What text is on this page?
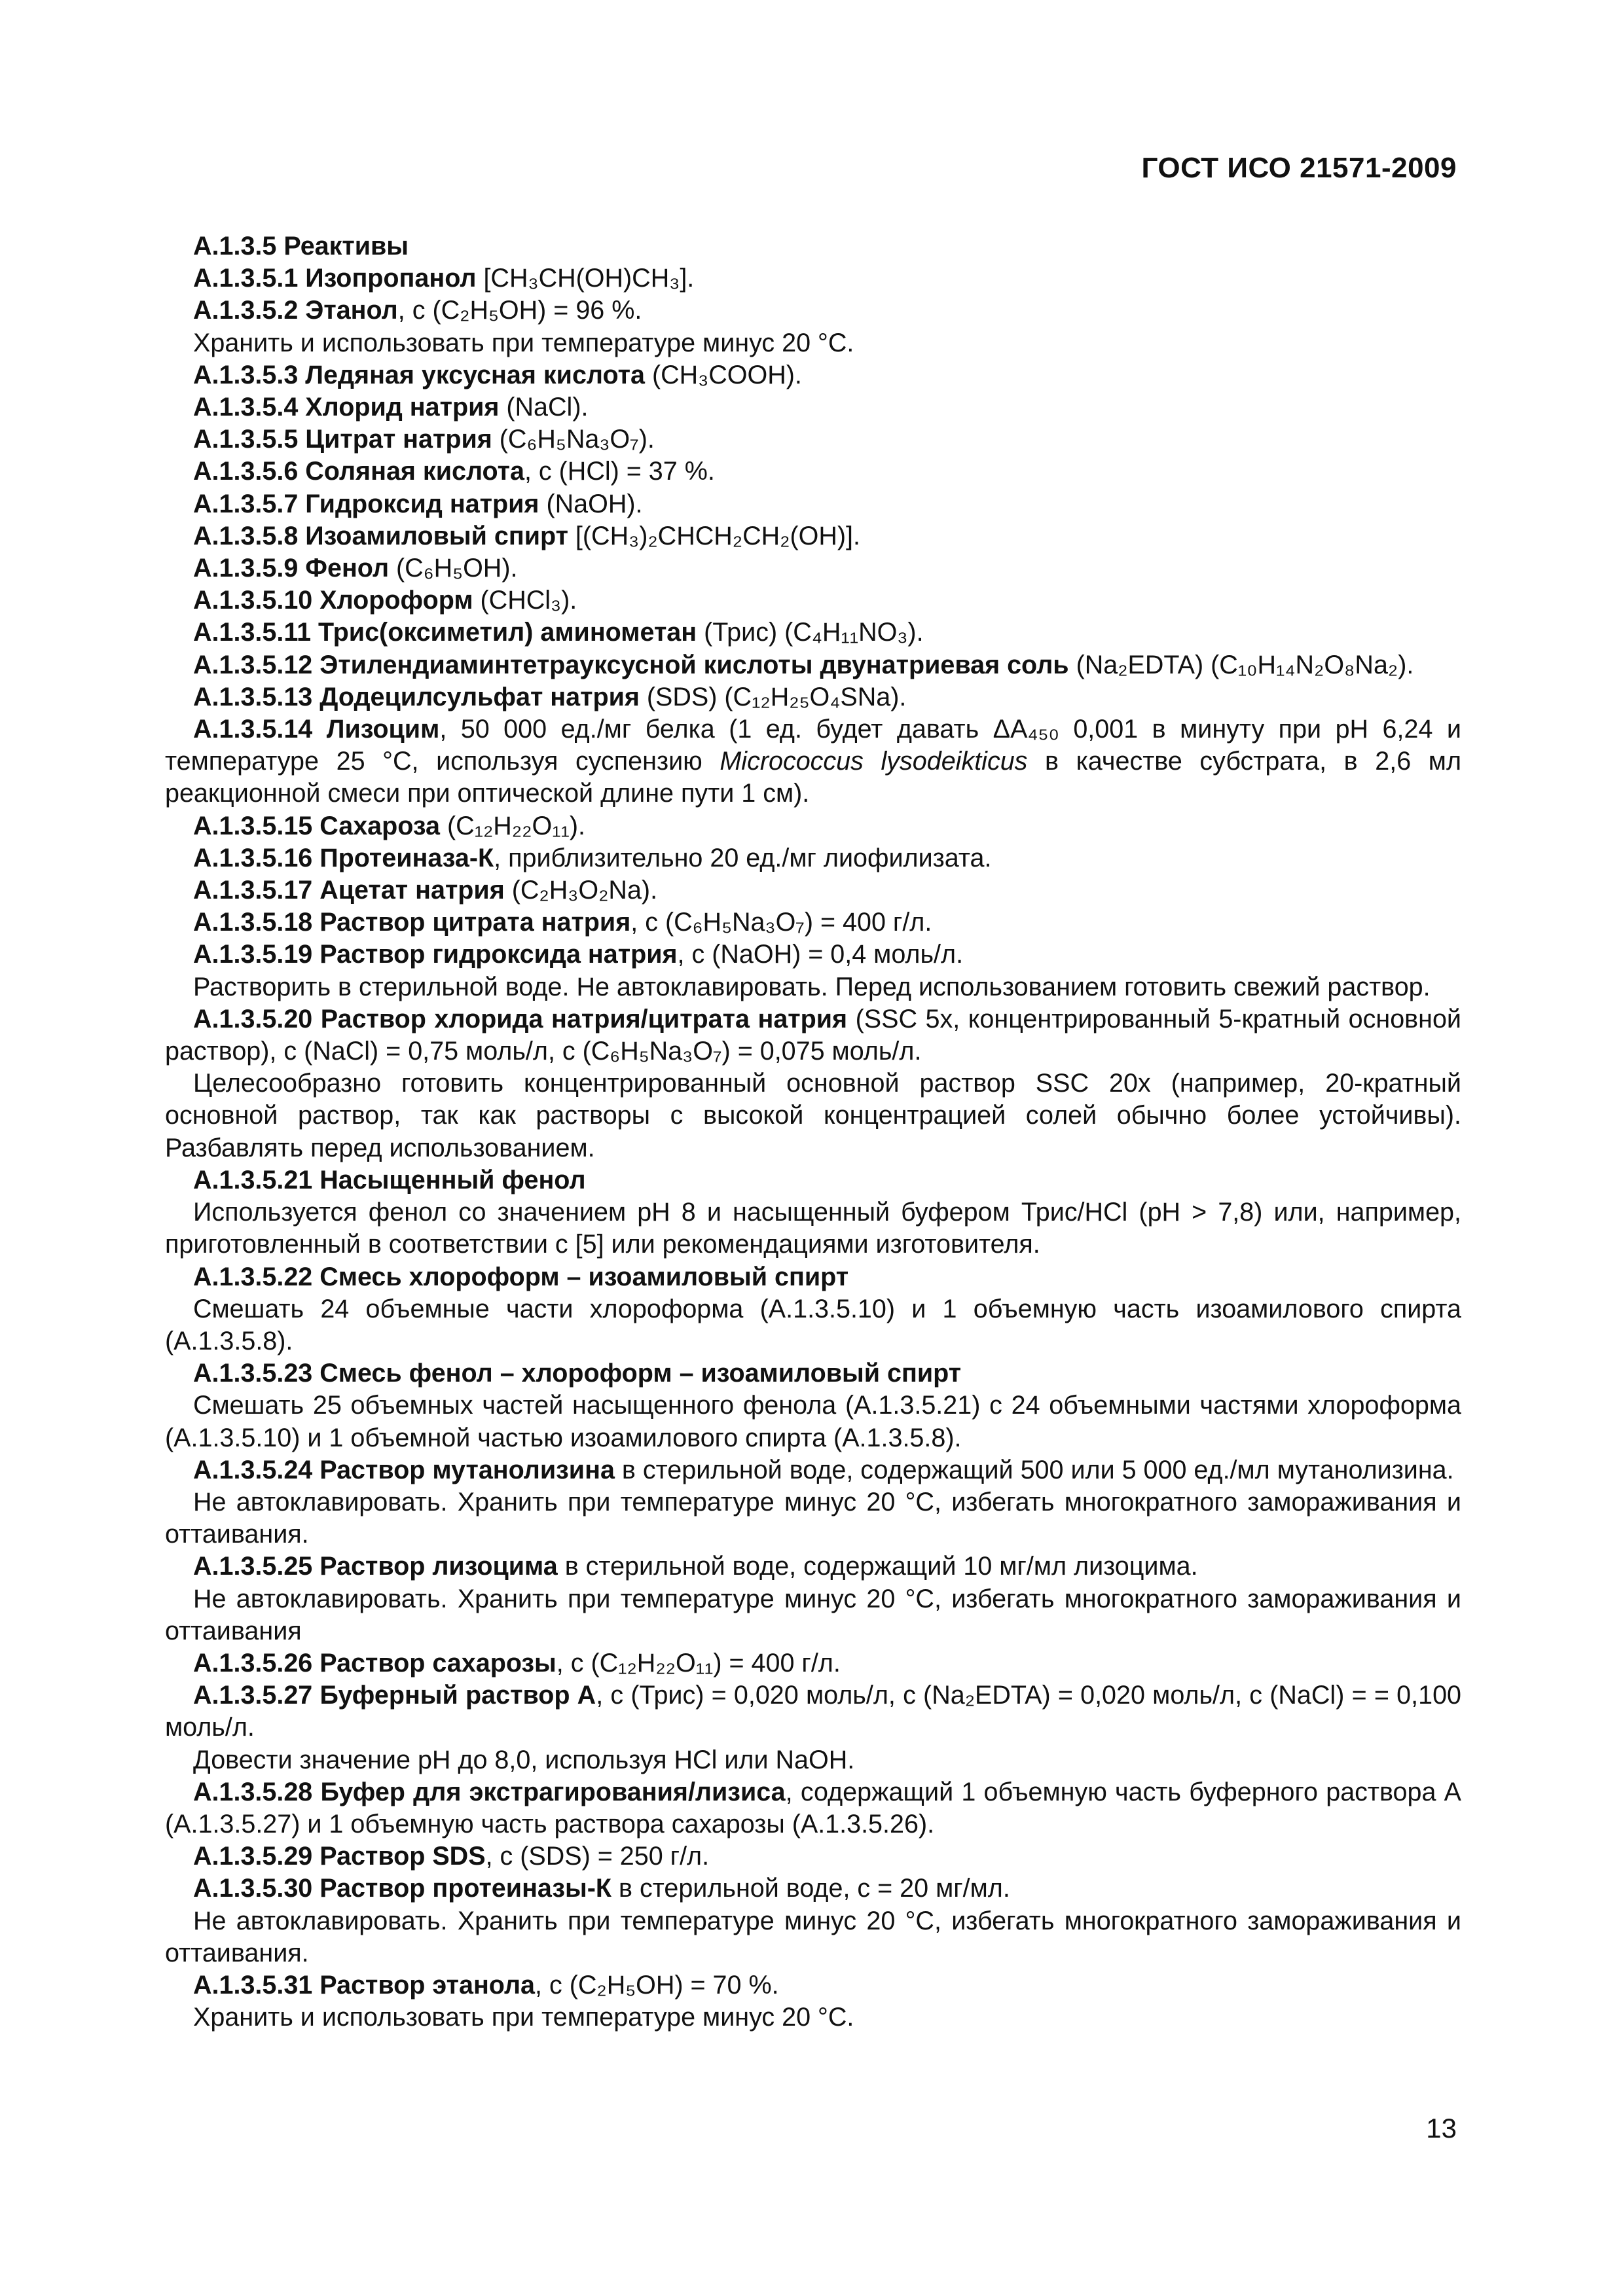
ГОСТ ИСО 21571-2009

А.1.3.5 Реактивы

А.1.3.5.1 Изопропанол [CH₃CH(OH)CH₃].

А.1.3.5.2 Этанол, c (C₂H₅OH) = 96 %.

Хранить и использовать при температуре минус 20 °С.

А.1.3.5.3 Ледяная уксусная кислота (CH₃COOH).

А.1.3.5.4 Хлорид натрия (NaCl).

А.1.3.5.5 Цитрат натрия (C₆H₅Na₃O₇).

А.1.3.5.6 Соляная кислота, c (HCl) = 37 %.

А.1.3.5.7 Гидроксид натрия (NaOH).

А.1.3.5.8 Изоамиловый спирт [(CH₃)₂CHCH₂CH₂(OH)].

А.1.3.5.9 Фенол (C₆H₅OH).

А.1.3.5.10 Хлороформ (CHCl₃).

А.1.3.5.11 Трис(оксиметил) аминометан (Трис) (C₄H₁₁NO₃).

А.1.3.5.12 Этилендиаминтетрауксусной кислоты двунатриевая соль (Na₂EDTA) (C₁₀H₁₄N₂O₈Na₂).

А.1.3.5.13 Додецилсульфат натрия (SDS) (C₁₂H₂₅O₄SNa).

А.1.3.5.14 Лизоцим, 50 000 ед./мг белка (1 ед. будет давать ΔA₄₅₀ 0,001 в минуту при рН 6,24 и температуре 25 °С, используя суспензию Micrococcus lysodeikticus в качестве субстрата, в 2,6 мл реакционной смеси при оптической длине пути 1 см).

А.1.3.5.15 Сахароза (C₁₂H₂₂O₁₁).

А.1.3.5.16 Протеиназа-К, приблизительно 20 ед./мг лиофилизата.

А.1.3.5.17 Ацетат натрия (C₂H₃O₂Na).

А.1.3.5.18 Раствор цитрата натрия, c (C₆H₅Na₃O₇) = 400 г/л.

А.1.3.5.19 Раствор гидроксида натрия, c (NaOH) = 0,4 моль/л.

Растворить в стерильной воде. Не автоклавировать. Перед использованием готовить свежий раствор.

А.1.3.5.20 Раствор хлорида натрия/цитрата натрия (SSC 5x, концентрированный 5-кратный основной раствор), c (NaCl) = 0,75 моль/л, c (C₆H₅Na₃O₇) = 0,075 моль/л.

Целесообразно готовить концентрированный основной раствор SSC 20x (например, 20-кратный основной раствор, так как растворы с высокой концентрацией солей обычно более устойчивы). Разбавлять перед использованием.

А.1.3.5.21 Насыщенный фенол

Используется фенол со значением рН 8 и насыщенный буфером Трис/HCl (рН > 7,8) или, например, приготовленный в соответствии с [5] или рекомендациями изготовителя.

А.1.3.5.22 Смесь хлороформ – изоамиловый спирт

Смешать 24 объемные части хлороформа (А.1.3.5.10) и 1 объемную часть изоамилового спирта (А.1.3.5.8).

А.1.3.5.23 Смесь фенол – хлороформ – изоамиловый спирт

Смешать 25 объемных частей насыщенного фенола (А.1.3.5.21) с 24 объемными частями хлороформа (А.1.3.5.10) и 1 объемной частью изоамилового спирта (А.1.3.5.8).

А.1.3.5.24 Раствор мутанолизина в стерильной воде, содержащий 500 или 5 000 ед./мл мутанолизина.

Не автоклавировать. Хранить при температуре минус 20 °С, избегать многократного замораживания и оттаивания.

А.1.3.5.25 Раствор лизоцима в стерильной воде, содержащий 10 мг/мл лизоцима.

Не автоклавировать. Хранить при температуре минус 20 °С, избегать многократного замораживания и оттаивания

А.1.3.5.26 Раствор сахарозы, c (C₁₂H₂₂O₁₁) = 400 г/л.

А.1.3.5.27 Буферный раствор А, c (Трис) = 0,020 моль/л, c (Na₂EDTA) = 0,020 моль/л, c (NaCl) = = 0,100 моль/л.

Довести значение рН до 8,0, используя HCl или NaOH.

А.1.3.5.28 Буфер для экстрагирования/лизиса, содержащий 1 объемную часть буферного раствора А (А.1.3.5.27) и 1 объемную часть раствора сахарозы (А.1.3.5.26).

А.1.3.5.29 Раствор SDS, c (SDS) = 250 г/л.

А.1.3.5.30 Раствор протеиназы-К в стерильной воде, c = 20 мг/мл.

Не автоклавировать. Хранить при температуре минус 20 °С, избегать многократного замораживания и оттаивания.

А.1.3.5.31 Раствор этанола, c (C₂H₅OH) = 70 %.

Хранить и использовать при температуре минус 20 °С.

13
